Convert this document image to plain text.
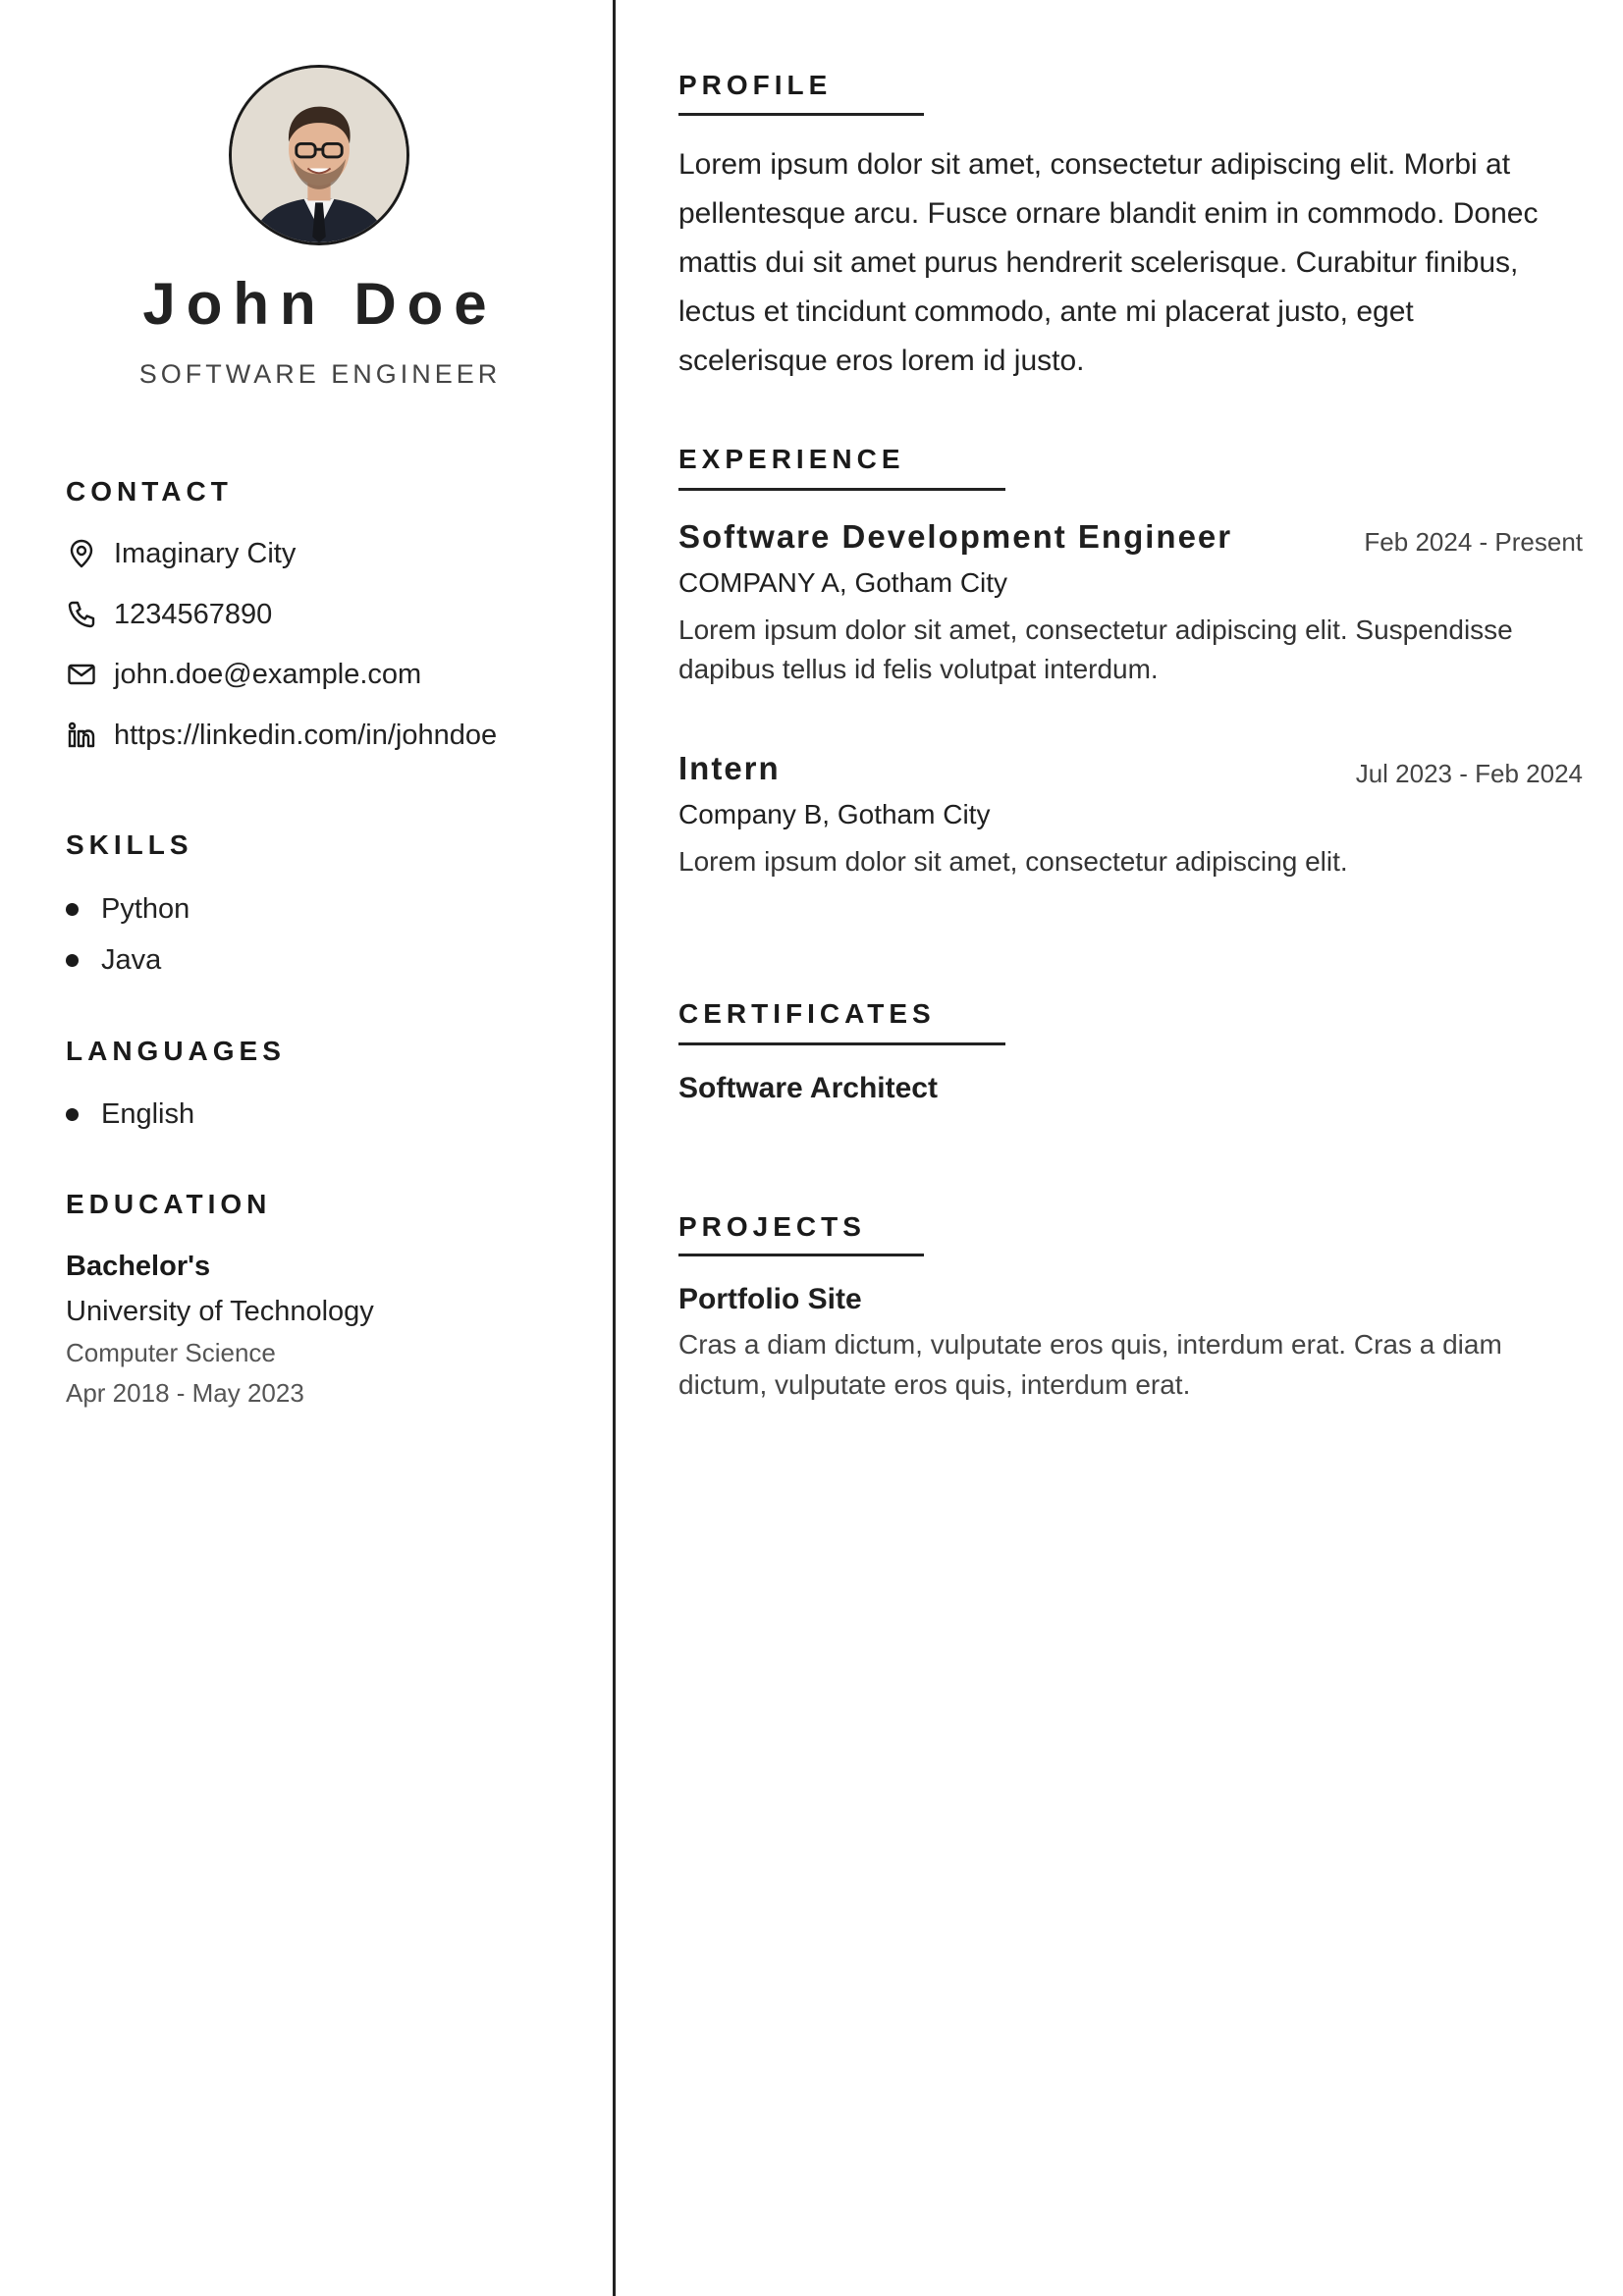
John Doe
SOFTWARE ENGINEER
CONTACT
Imaginary City
1234567890
john.doe@example.com
https://linkedin.com/in/johndoe
SKILLS
Python
Java
LANGUAGES
English
EDUCATION
Bachelor's
University of Technology
Computer Science
Apr 2018 - May 2023
PROFILE
Lorem ipsum dolor sit amet, consectetur adipiscing elit. Morbi at pellentesque arcu. Fusce ornare blandit enim in commodo. Donec mattis dui sit amet purus hendrerit scelerisque. Curabitur finibus, lectus et tincidunt commodo, ante mi placerat justo, eget scelerisque eros lorem id justo.
EXPERIENCE
Software Development Engineer	Feb 2024 - Present
COMPANY A, Gotham City
Lorem ipsum dolor sit amet, consectetur adipiscing elit. Suspendisse dapibus tellus id felis volutpat interdum.
Intern	Jul 2023 - Feb 2024
Company B, Gotham City
Lorem ipsum dolor sit amet, consectetur adipiscing elit.
CERTIFICATES
Software Architect
PROJECTS
Portfolio Site
Cras a diam dictum, vulputate eros quis, interdum erat. Cras a diam dictum, vulputate eros quis, interdum erat.
